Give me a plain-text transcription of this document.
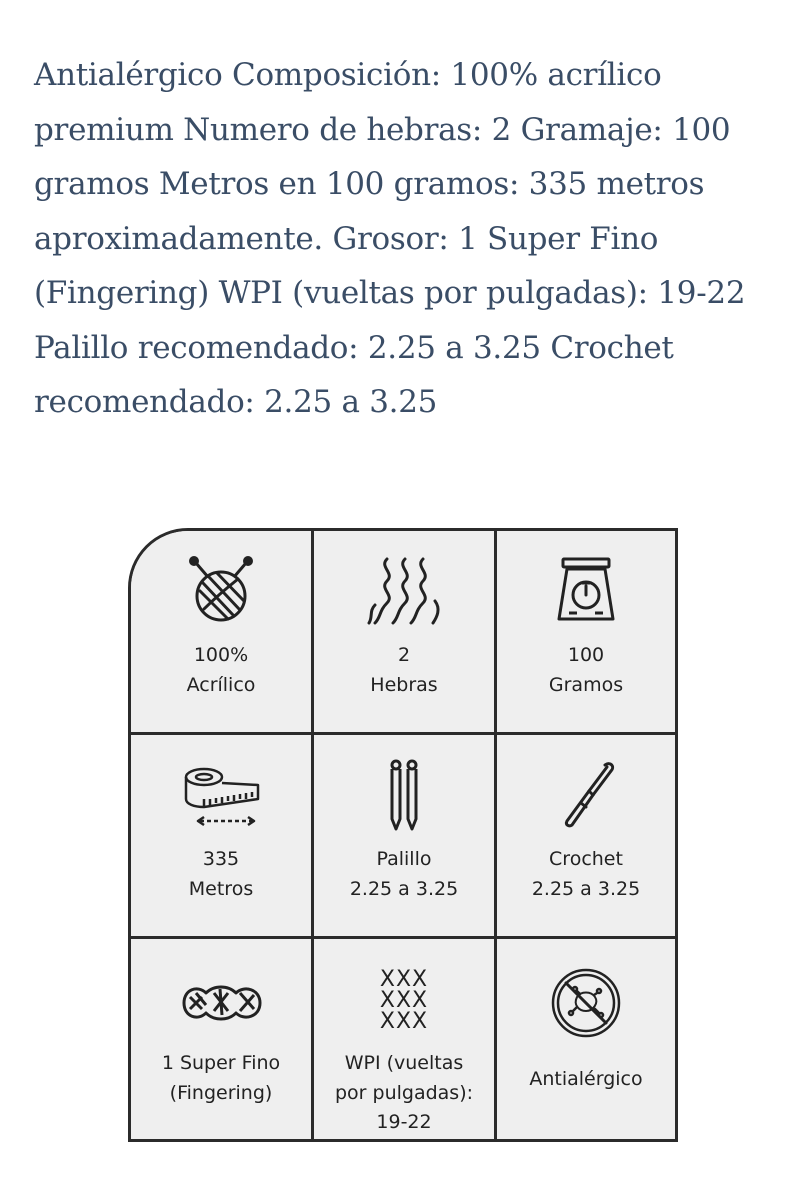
Antialérgico Composición: 100% acrílico premium Numero de hebras: 2 Gramaje: 100 gramos Metros en 100 gramos: 335 metros aproximadamente. Grosor: 1 Super Fino (Fingering) WPI (vueltas por pulgadas): 19-22 Palillo recomendado: 2.25 a 3.25 Crochet recomendado: 2.25 a 3.25

100%
Acrílico
2
Hebras
100
Gramos
335
Metros
Palillo
2.25 a 3.25
Crochet
2.25 a 3.25
1 Super Fino
(Fingering)
XXX
XXX
XXX
WPI (vueltas
por pulgadas):
19-22
Antialérgico
